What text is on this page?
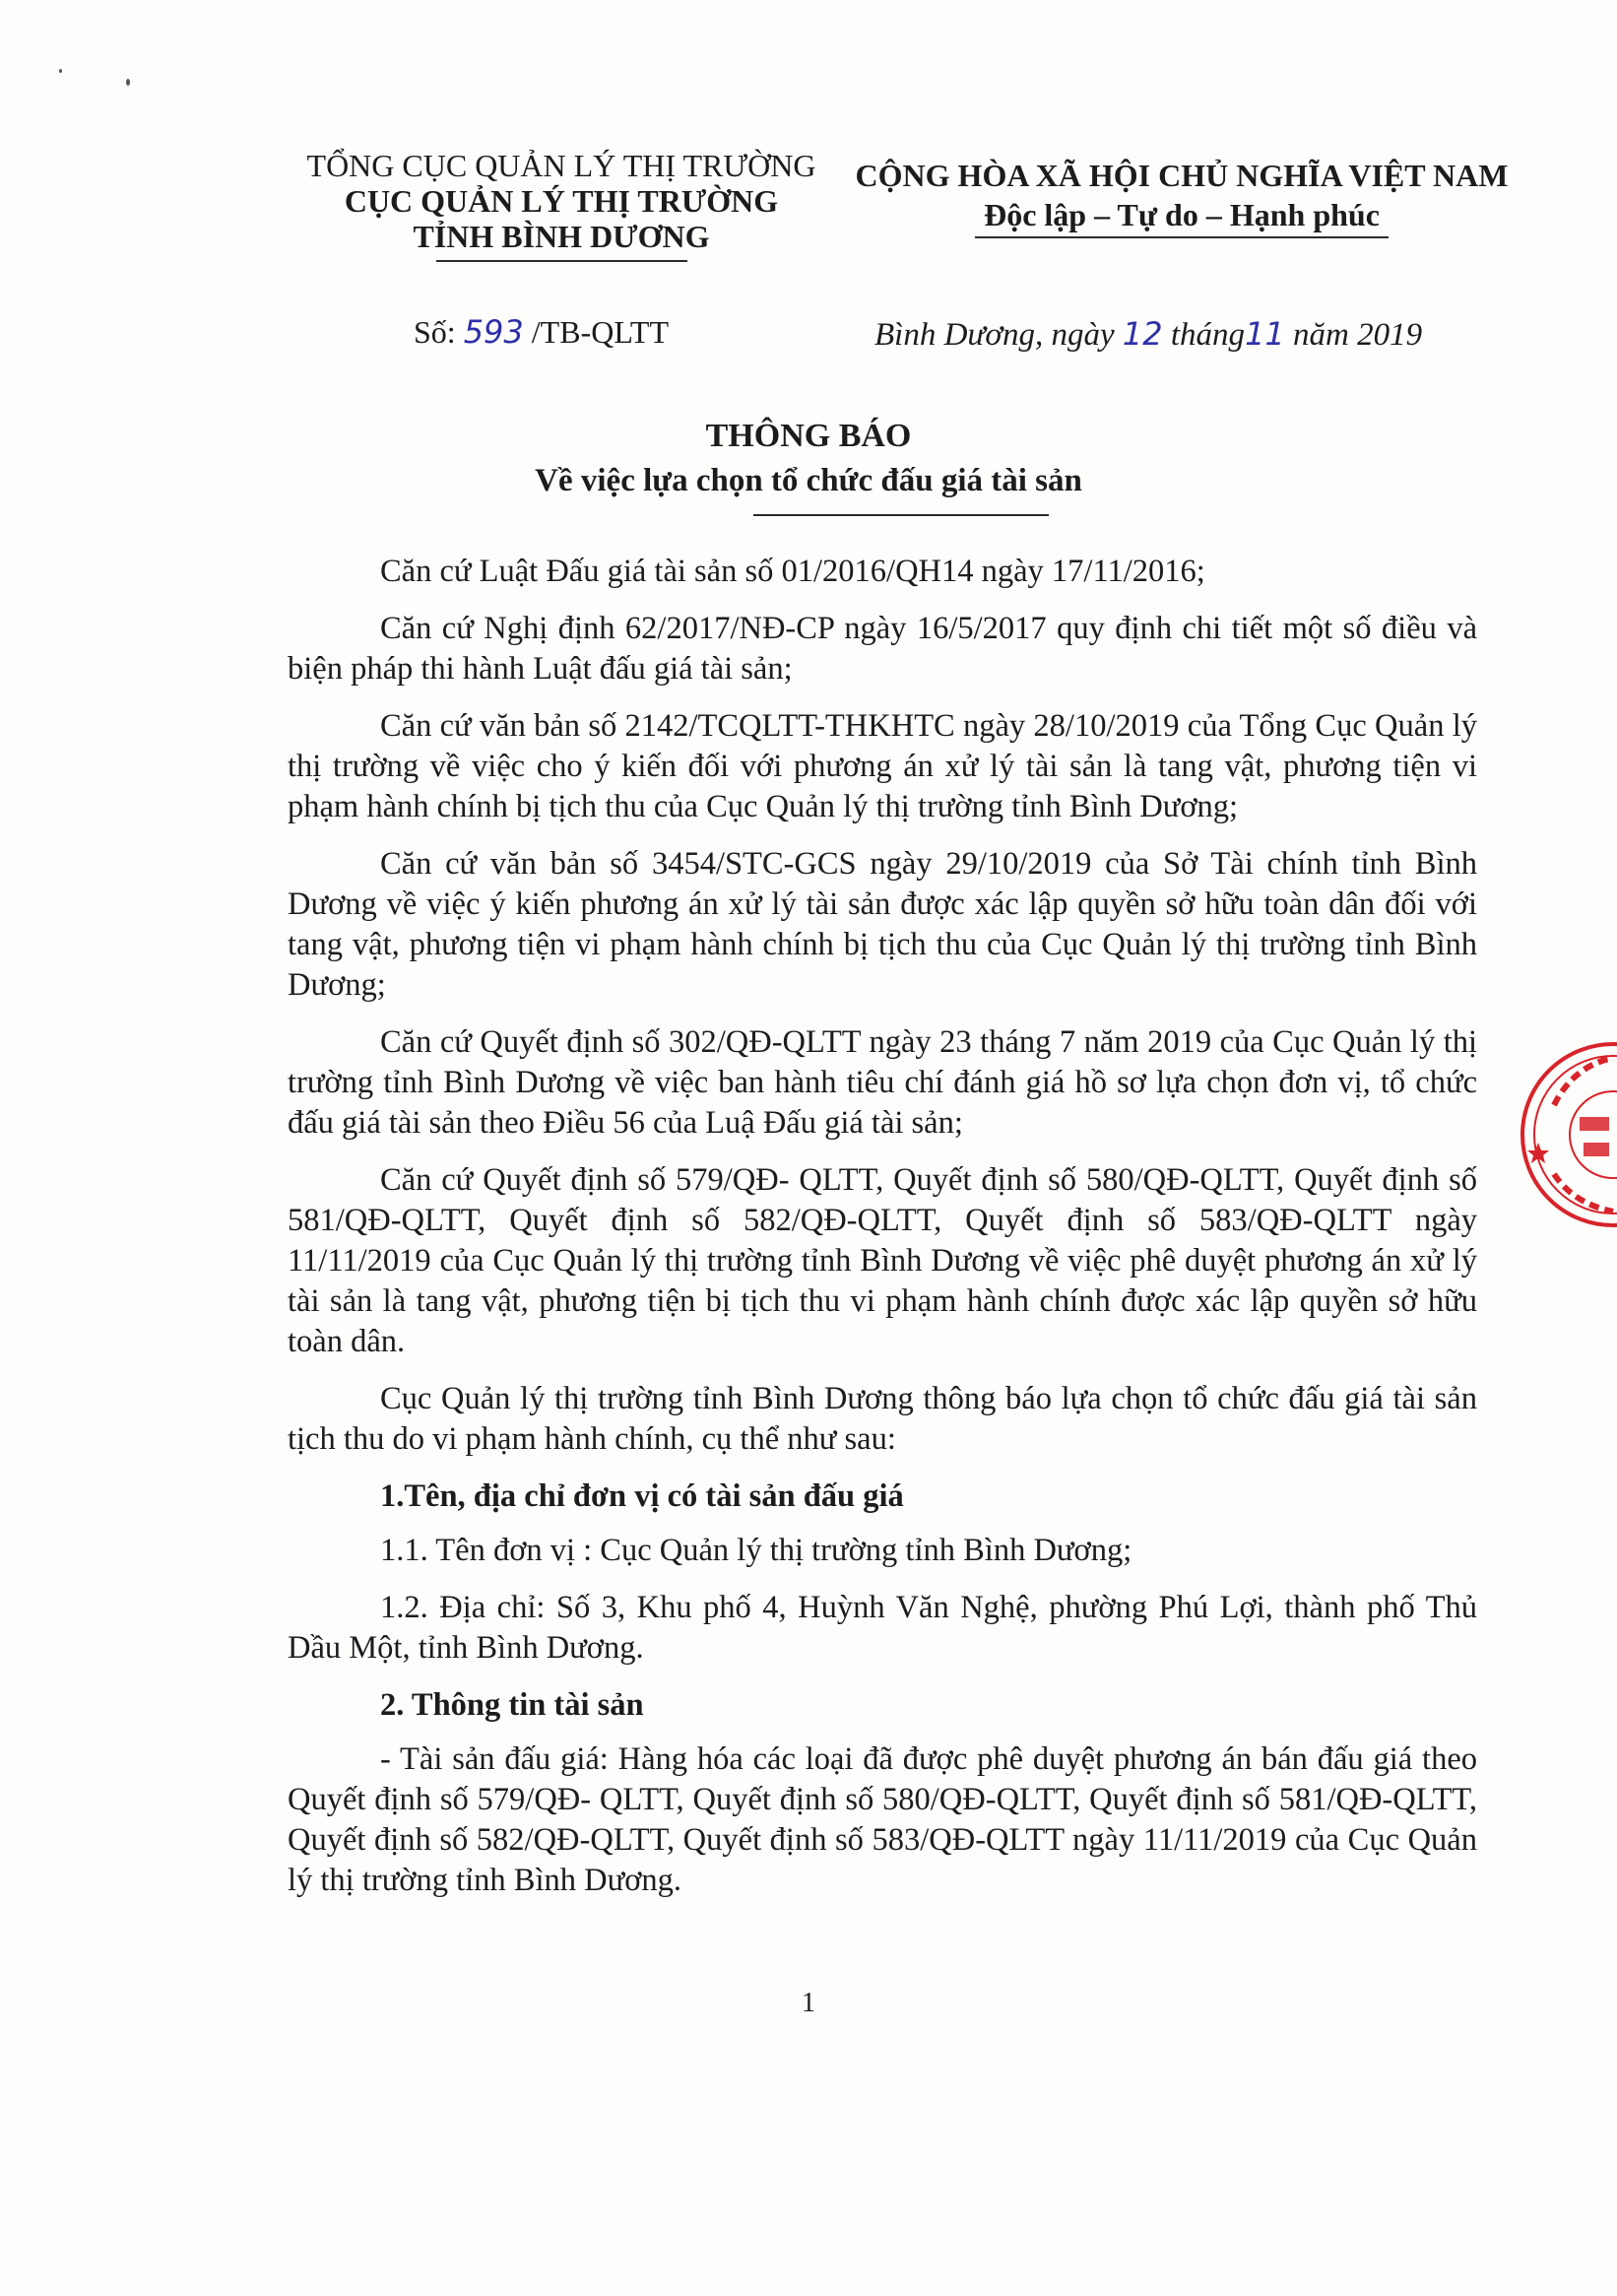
TỔNG CỤC QUẢN LÝ THỊ TRƯỜNG
CỤC QUẢN LÝ THỊ TRƯỜNG
TỈNH BÌNH DƯƠNG
CỘNG HÒA XÃ HỘI CHỦ NGHĨA VIỆT NAM
Độc lập – Tự do – Hạnh phúc
Số: 593 /TB-QLTT	Bình Dương, ngày 12 tháng11 năm 2019
THÔNG BÁO
Về việc lựa chọn tổ chức đấu giá tài sản

Căn cứ Luật Đấu giá tài sản số 01/2016/QH14 ngày 17/11/2016;

Căn cứ Nghị định 62/2017/NĐ-CP ngày 16/5/2017 quy định chi tiết một số điều và biện pháp thi hành Luật đấu giá tài sản;

Căn cứ văn bản số 2142/TCQLTT-THKHTC ngày 28/10/2019 của Tổng Cục Quản lý thị trường về việc cho ý kiến đối với phương án xử lý tài sản là tang vật, phương tiện vi phạm hành chính bị tịch thu của Cục Quản lý thị trường tỉnh Bình Dương;

Căn cứ văn bản số 3454/STC-GCS ngày 29/10/2019 của Sở Tài chính tỉnh Bình Dương về việc ý kiến phương án xử lý tài sản được xác lập quyền sở hữu toàn dân đối với tang vật, phương tiện vi phạm hành chính bị tịch thu của Cục Quản lý thị trường tỉnh Bình Dương;

Căn cứ Quyết định số 302/QĐ-QLTT ngày 23 tháng 7 năm 2019 của Cục Quản lý thị trường tỉnh Bình Dương về việc ban hành tiêu chí đánh giá hồ sơ lựa chọn đơn vị, tổ chức đấu giá tài sản theo Điều 56 của Luậ Đấu giá tài sản;

Căn cứ Quyết định số 579/QĐ- QLTT, Quyết định số 580/QĐ-QLTT, Quyết định số 581/QĐ-QLTT, Quyết định số 582/QĐ-QLTT, Quyết định số 583/QĐ-QLTT ngày 11/11/2019 của Cục Quản lý thị trường tỉnh Bình Dương về việc phê duyệt phương án xử lý tài sản là tang vật, phương tiện bị tịch thu vi phạm hành chính được xác lập quyền sở hữu toàn dân.

Cục Quản lý thị trường tỉnh Bình Dương thông báo lựa chọn tổ chức đấu giá tài sản tịch thu do vi phạm hành chính, cụ thể như sau:

1.Tên, địa chỉ đơn vị có tài sản đấu giá

1.1. Tên đơn vị : Cục Quản lý thị trường tỉnh Bình Dương;

1.2. Địa chỉ: Số 3, Khu phố 4, Huỳnh Văn Nghệ, phường Phú Lợi, thành phố Thủ Dầu Một, tỉnh Bình Dương.

2. Thông tin tài sản

- Tài sản đấu giá: Hàng hóa các loại đã được phê duyệt phương án bán đấu giá theo Quyết định số 579/QĐ- QLTT, Quyết định số 580/QĐ-QLTT, Quyết định số 581/QĐ-QLTT, Quyết định số 582/QĐ-QLTT, Quyết định số 583/QĐ-QLTT ngày 11/11/2019 của Cục Quản lý thị trường tỉnh Bình Dương.

1
